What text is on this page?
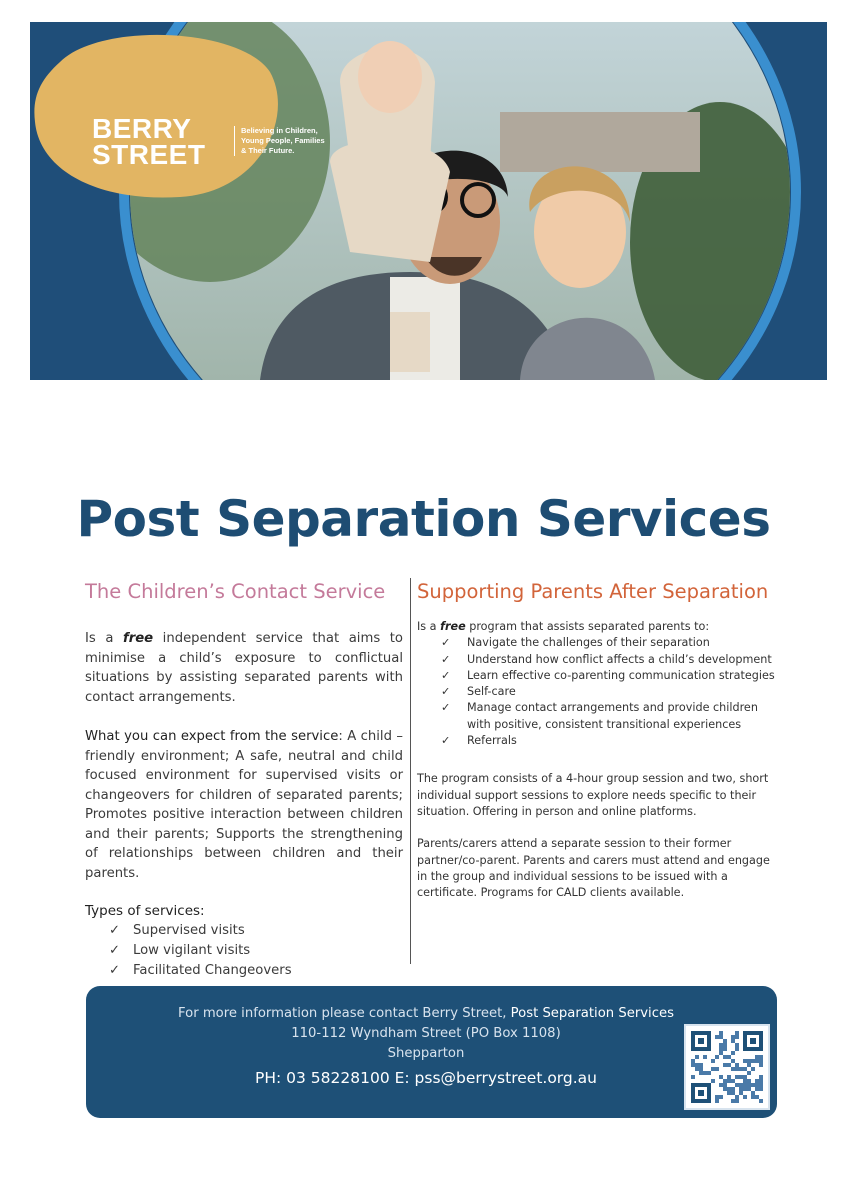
BERRY
STREET
Believing in Children, Young People, Families & Their Future.
Post Separation Services
The Children’s Contact Service

Is a free independent service that aims to minimise a child’s exposure to conflictual situations by assisting separated parents with contact arrangements.

What you can expect from the service: A child – friendly environment; A safe, neutral and child focused environment for supervised visits or changeovers for children of separated parents; Promotes positive interaction between children and their parents; Supports the strengthening of relationships between children and their parents.

Types of services:
✓ Supervised visits
✓ Low vigilant visits
✓ Facilitated Changeovers
Supporting Parents After Separation

Is a free program that assists separated parents to:

✓ Navigate the challenges of their separation
✓ Understand how conflict affects a child’s development
✓ Learn effective co-parenting communication strategies
✓ Self-care
✓ Manage contact arrangements and provide children with positive, consistent transitional experiences
✓ Referrals

The program consists of a 4-hour group session and two, short individual support sessions to explore needs specific to their situation. Offering in person and online platforms.

Parents/carers attend a separate session to their former partner/co-parent. Parents and carers must attend and engage in the group and individual sessions to be issued with a certificate. Programs for CALD clients available.

For more information please contact Berry Street, Post Separation Services
110-112 Wyndham Street (PO Box 1108)
Shepparton
PH: 03 58228100 E: pss@berrystreet.org.au
